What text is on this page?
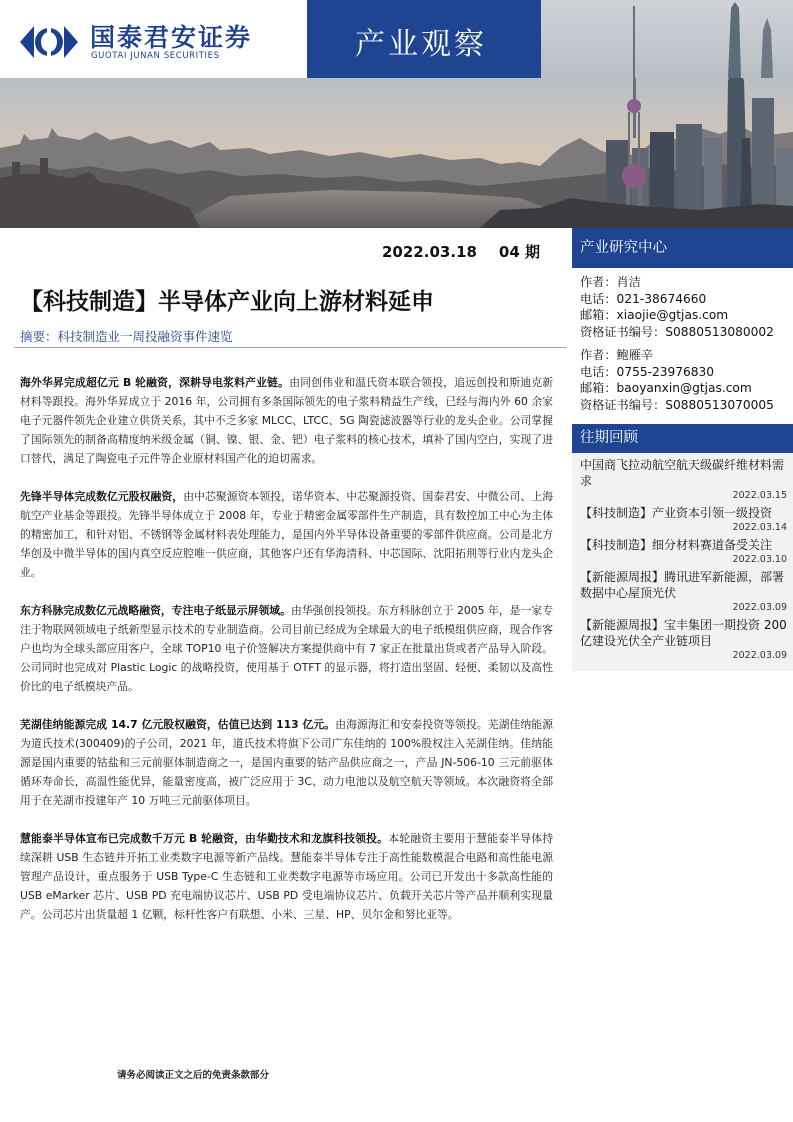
国泰君安证券
GUOTAI JUNAN SECURITIES	产业观察
2022.03.18 04 期
【科技制造】半导体产业向上游材料延申
摘要：科技制造业一周投融资事件速览

海外华昇完成超亿元 B 轮融资，深耕导电浆料产业链。由同创伟业和温氏资本联合领投，追远创投和斯迪克新材料等跟投。海外华昇成立于 2016 年，公司拥有多条国际领先的电子浆料精益生产线，已经与海内外 60 余家电子元器件领先企业建立供货关系，其中不乏多家 MLCC、LTCC、5G 陶瓷滤波器等行业的龙头企业。公司掌握了国际领先的制备高精度纳米级金属（铜、镍、银、金、钯）电子浆料的核心技术，填补了国内空白，实现了进口替代，满足了陶瓷电子元件等企业原材料国产化的迫切需求。

先锋半导体完成数亿元股权融资，由中芯聚源资本领投，诺华资本、中芯聚源投资、国泰君安、中微公司、上海航空产业基金等跟投。先锋半导体成立于 2008 年，专业于精密金属零部件生产制造，具有数控加工中心为主体的精密加工，和针对铝、不锈钢等金属材料表处理能力，是国内外半导体设备重要的零部件供应商。公司是北方华创及中微半导体的国内真空反应腔唯一供应商，其他客户还有华海清科、中芯国际、沈阳拓荆等行业内龙头企业。

东方科脉完成数亿元战略融资，专注电子纸显示屏领域。由华强创投领投。东方科脉创立于 2005 年，是一家专注于物联网领域电子纸新型显示技术的专业制造商。公司目前已经成为全球最大的电子纸模组供应商，现合作客户也均为全球头部应用客户，全球 TOP10 电子价签解决方案提供商中有 7 家正在批量出货或者产品导入阶段。公司同时也完成对 Plastic Logic 的战略投资，使用基于 OTFT 的显示器，将打造出坚固、轻便、柔韧以及高性价比的电子纸模块产品。

芜湖佳纳能源完成 14.7 亿元股权融资，估值已达到 113 亿元。由海源海汇和安泰投资等领投。芜湖佳纳能源为道氏技术(300409)的子公司，2021 年，道氏技术将旗下公司广东佳纳的 100%股权注入芜湖佳纳。佳纳能源是国内重要的钴盐和三元前驱体制造商之一，是国内重要的钴产品供应商之一，产品 JN-506-10 三元前驱体循环寿命长，高温性能优异，能量密度高，被广泛应用于 3C、动力电池以及航空航天等领域。本次融资将全部用于在芜湖市投建年产 10 万吨三元前驱体项目。

慧能泰半导体宣布已完成数千万元 B 轮融资，由华勤技术和龙旗科技领投。本轮融资主要用于慧能泰半导体持续深耕 USB 生态链并开拓工业类数字电源等新产品线。慧能泰半导体专注于高性能数模混合电路和高性能电源管理产品设计，重点服务于 USB Type-C 生态链和工业类数字电源等市场应用。公司已开发出十多款高性能的 USB eMarker 芯片、USB PD 充电端协议芯片、USB PD 受电端协议芯片、负载开关芯片等产品并顺利实现量产。公司芯片出货量超 1 亿颗，标杆性客户有联想、小米、三星、HP、贝尔金和努比亚等。

请务必阅读正文之后的免责条款部分
产业研究中心
作者：肖洁
电话：021-38674660
邮箱：xiaojie@gtjas.com
资格证书编号：S0880513080002
作者：鲍雁辛
电话：0755-23976830
邮箱：baoyanxin@gtjas.com
资格证书编号：S0880513070005
往期回顾
中国商飞拉动航空航天级碳纤维材料需求
2022.03.15
【科技制造】产业资本引领一级投资
2022.03.14
【科技制造】细分材料赛道备受关注
2022.03.10
【新能源周报】腾讯进军新能源，部署数据中心屋顶光伏
2022.03.09
【新能源周报】宝丰集团一期投资 200 亿建设光伏全产业链项目
2022.03.09
